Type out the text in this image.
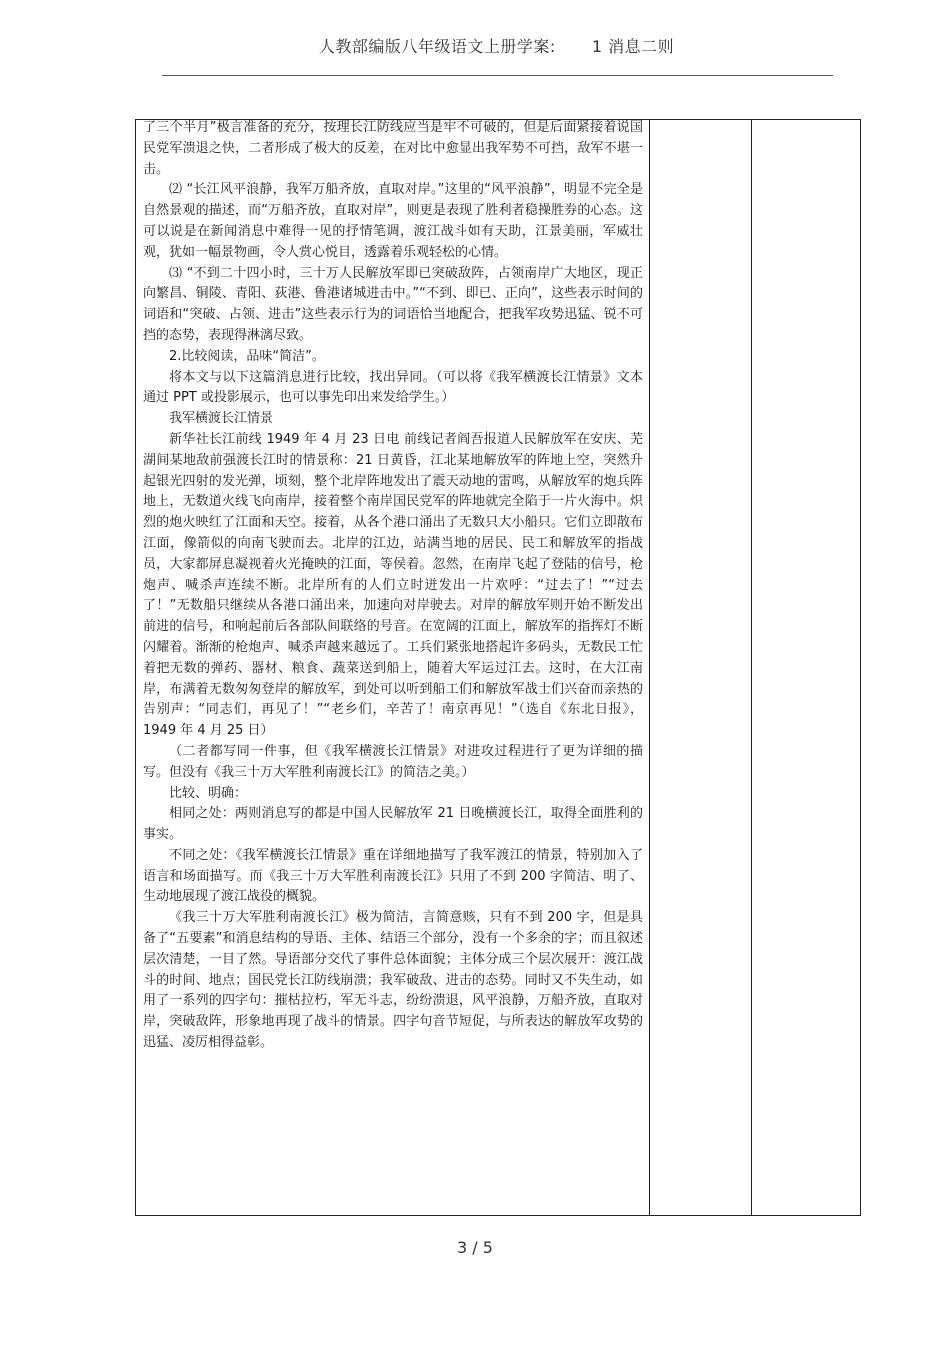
人教部编版八年级语文上册学案: 1 消息二则

了三个半月”极言准备的充分，按理长江防线应当是牢不可破的，但是后面紧接着说国民党军溃退之快，二者形成了极大的反差，在对比中愈显出我军势不可挡，敌军不堪一击。

⑵ “长江风平浪静，我军万船齐放，直取对岸。”这里的“风平浪静”，明显不完全是自然景观的描述，而“万船齐放，直取对岸”，则更是表现了胜利者稳操胜券的心态。这可以说是在新闻消息中难得一见的抒情笔调，渡江战斗如有天助，江景美丽，军威壮观，犹如一幅景物画，令人赏心悦目，透露着乐观轻松的心情。

⑶ “不到二十四小时，三十万人民解放军即已突破敌阵，占领南岸广大地区，现正向繁昌、铜陵、青阳、荻港、鲁港诸城进击中。”“不到、即已、正向”，这些表示时间的词语和“突破、占领、进击”这些表示行为的词语恰当地配合，把我军攻势迅猛、锐不可挡的态势，表现得淋漓尽致。

2.比较阅读，品味“简洁”。

将本文与以下这篇消息进行比较，找出异同。（可以将《我军横渡长江情景》文本通过 PPT 或投影展示，也可以事先印出来发给学生。）

我军横渡长江情景

新华社长江前线 1949 年 4 月 23 日电 前线记者阎吾报道人民解放军在安庆、芜湖间某地敌前强渡长江时的情景称：21 日黄昏，江北某地解放军的阵地上空，突然升起银光四射的发光弹，顷刻，整个北岸阵地发出了震天动地的雷鸣，从解放军的炮兵阵地上，无数道火线飞向南岸，接着整个南岸国民党军的阵地就完全陷于一片火海中。炽烈的炮火映红了江面和天空。接着，从各个港口涌出了无数只大小船只。它们立即散布江面，像箭似的向南飞驶而去。北岸的江边，站满当地的居民、民工和解放军的指战员，大家都屏息凝视着火光掩映的江面，等侯着。忽然，在南岸飞起了登陆的信号，枪炮声、喊杀声连续不断。北岸所有的人们立时迸发出一片欢呼：“过去了！”“过去了！”无数船只继续从各港口涌出来，加速向对岸驶去。对岸的解放军则开始不断发出前进的信号，和响起前后各部队间联络的号音。在宽阔的江面上，解放军的指挥灯不断闪耀着。渐渐的枪炮声、喊杀声越来越远了。工兵们紧张地搭起许多码头，无数民工忙着把无数的弹药、器材、粮食、蔬菜送到船上，随着大军运过江去。这时，在大江南岸，布满着无数匆匆登岸的解放军，到处可以听到船工们和解放军战士们兴奋而亲热的告别声：“同志们，再见了！”“老乡们，辛苦了！南京再见！”（选自《东北日报》，1949 年 4 月 25 日）

（二者都写同一件事，但《我军横渡长江情景》对进攻过程进行了更为详细的描写。但没有《我三十万大军胜利南渡长江》的简洁之美。）

比较、明确：

相同之处：两则消息写的都是中国人民解放军 21 日晚横渡长江，取得全面胜利的事实。

不同之处：《我军横渡长江情景》重在详细地描写了我军渡江的情景，特别加入了语言和场面描写。而《我三十万大军胜利南渡长江》只用了不到 200 字简洁、明了、生动地展现了渡江战役的概貌。

《我三十万大军胜利南渡长江》极为简洁，言简意赅，只有不到 200 字，但是具备了“五要素”和消息结构的导语、主体、结语三个部分，没有一个多余的字；而且叙述层次清楚，一目了然。导语部分交代了事件总体面貌；主体分成三个层次展开：渡江战斗的时间、地点；国民党长江防线崩溃；我军破敌、进击的态势。同时又不失生动，如用了一系列的四字句：摧枯拉朽，军无斗志，纷纷溃退，风平浪静，万船齐放，直取对岸，突破敌阵，形象地再现了战斗的情景。四字句音节短促，与所表达的解放军攻势的迅猛、凌厉相得益彰。

3 / 5
